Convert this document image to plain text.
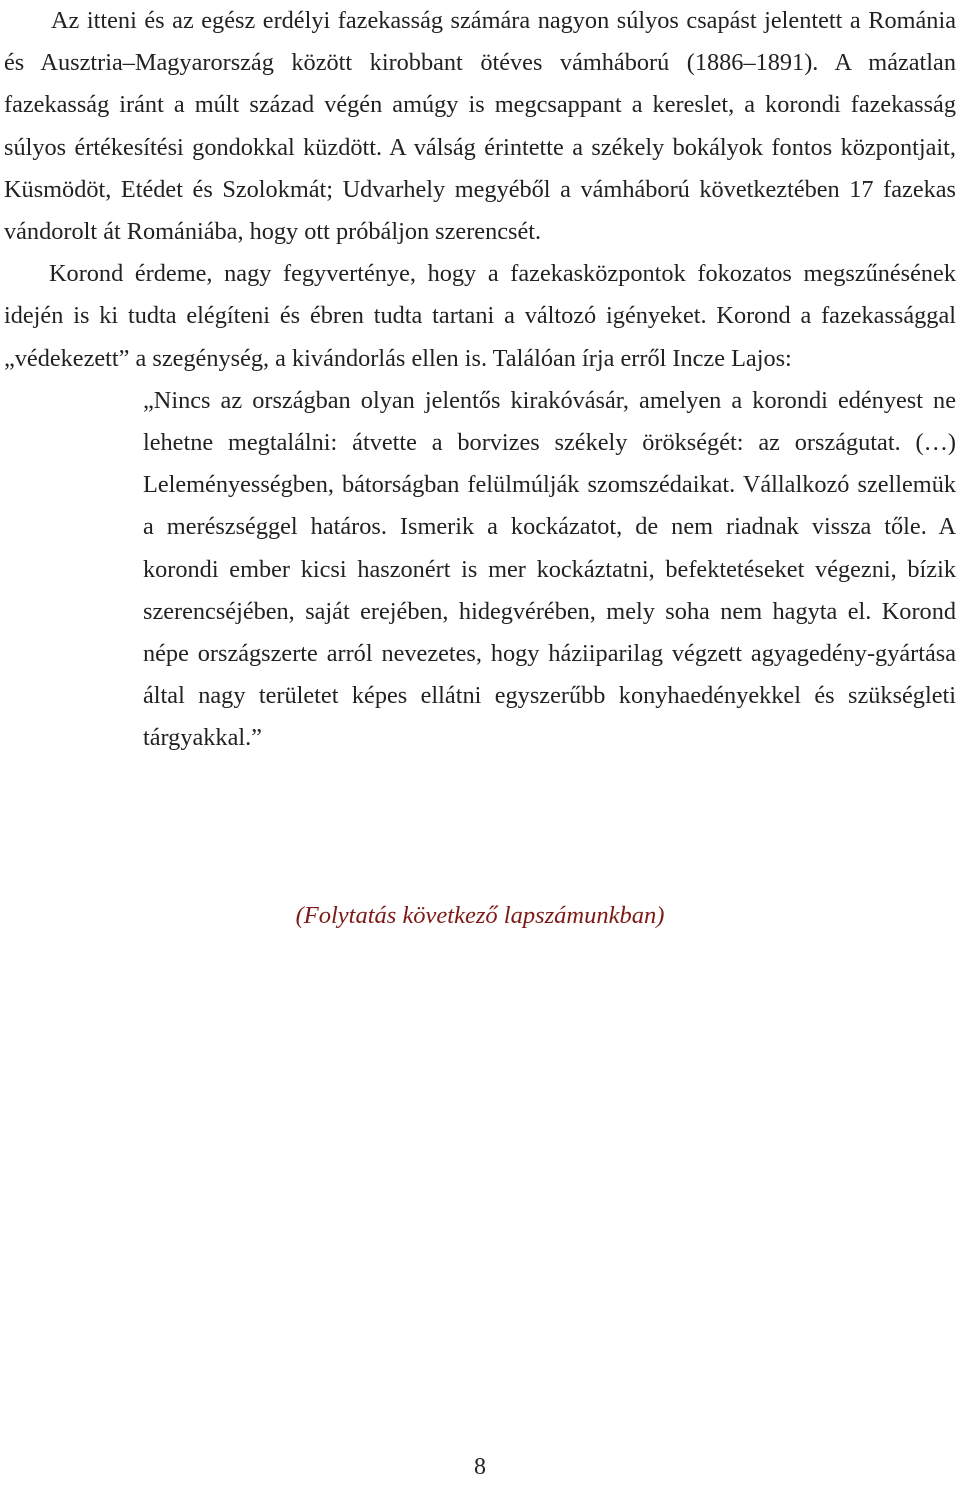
Az itteni és az egész erdélyi fazekasság számára nagyon súlyos csapást jelentett a Románia és Ausztria–Magyarország között kirobbant ötéves vámháború (1886–1891). A mázatlan fazekasság iránt a múlt század végén amúgy is megcsappant a kereslet, a korondi fazekasság súlyos értékesítési gondokkal küzdött. A válság érintette a székely bokályok fontos központjait, Küsmödöt, Etédet és Szolokmát; Udvarhely megyéből a vámháború következtében 17 fazekas vándorolt át Romániába, hogy ott próbáljon szerencsét.

Korond érdeme, nagy fegyverténye, hogy a fazekasközpontok fokozatos megszűnésének idején is ki tudta elégíteni és ébren tudta tartani a változó igényeket. Korond a fazekassággal „védekezett” a szegénység, a kivándorlás ellen is. Találóan írja erről Incze Lajos:

„Nincs az országban olyan jelentős kirakóvásár, amelyen a korondi edényest ne lehetne megtalálni: átvette a borvizes székely örökségét: az országutat. (…) Leleményességben, bátorságban felülmúlják szomszédaikat. Vállalkozó szellemük a merészséggel határos. Ismerik a kockázatot, de nem riadnak vissza tőle. A korondi ember kicsi haszonért is mer kockáztatni, befektetéseket végezni, bízik szerencséjében, saját erejében, hidegvérében, mely soha nem hagyta el. Korond népe országszerte arról nevezetes, hogy háziiparilag végzett agyagedény-gyártása által nagy területet képes ellátni egyszerűbb konyhaedényekkel és szükségleti tárgyakkal.”

(Folytatás következő lapszámunkban)
8
